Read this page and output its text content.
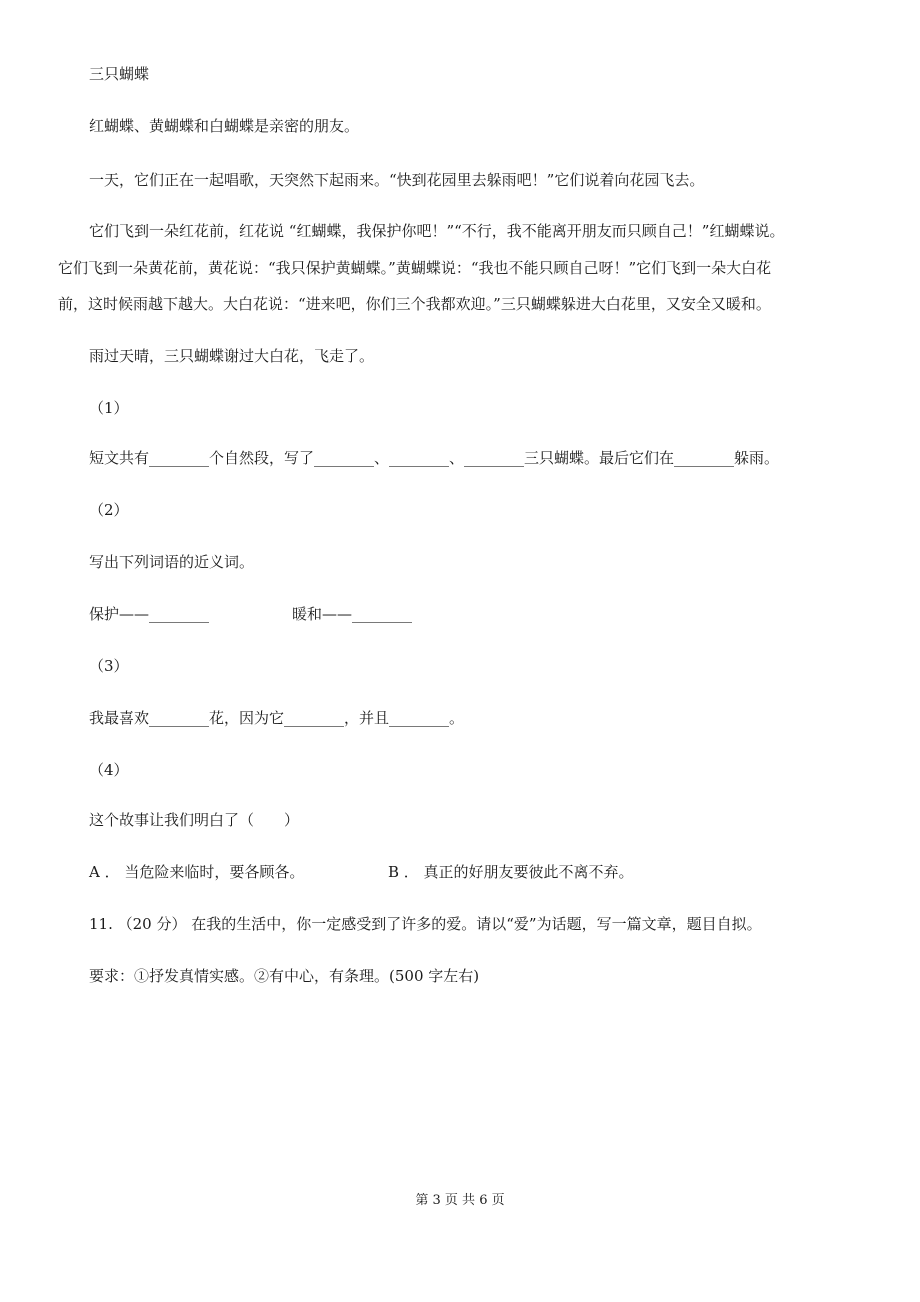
三只蝴蝶
红蝴蝶、黄蝴蝶和白蝴蝶是亲密的朋友。
一天，它们正在一起唱歌，天突然下起雨来。“快到花园里去躲雨吧！”它们说着向花园飞去。
它们飞到一朵红花前，红花说 “红蝴蝶，我保护你吧！”“不行，我不能离开朋友而只顾自己！”红蝴蝶说。
它们飞到一朵黄花前，黄花说：“我只保护黄蝴蝶。”黄蝴蝶说：“我也不能只顾自己呀！”它们飞到一朵大白花
前，这时候雨越下越大。大白花说：“进来吧，你们三个我都欢迎。”三只蝴蝶躲进大白花里，又安全又暖和。
雨过天晴，三只蝴蝶谢过大白花，飞走了。
（1）
短文共有________个自然段，写了________、________、________三只蝴蝶。最后它们在________躲雨。
（2）
写出下列词语的近义词。
保护——________	暖和——________
（3）
我最喜欢________花，因为它________，并且________。
（4）
这个故事让我们明白了（　　）
A ． 当危险来临时，要各顾各。	B ． 真正的好朋友要彼此不离不弃。
11. （20 分） 在我的生活中，你一定感受到了许多的爱。请以“爱”为话题，写一篇文章，题目自拟。
要求：①抒发真情实感。②有中心，有条理。(500 字左右)
第 3 页 共 6 页
